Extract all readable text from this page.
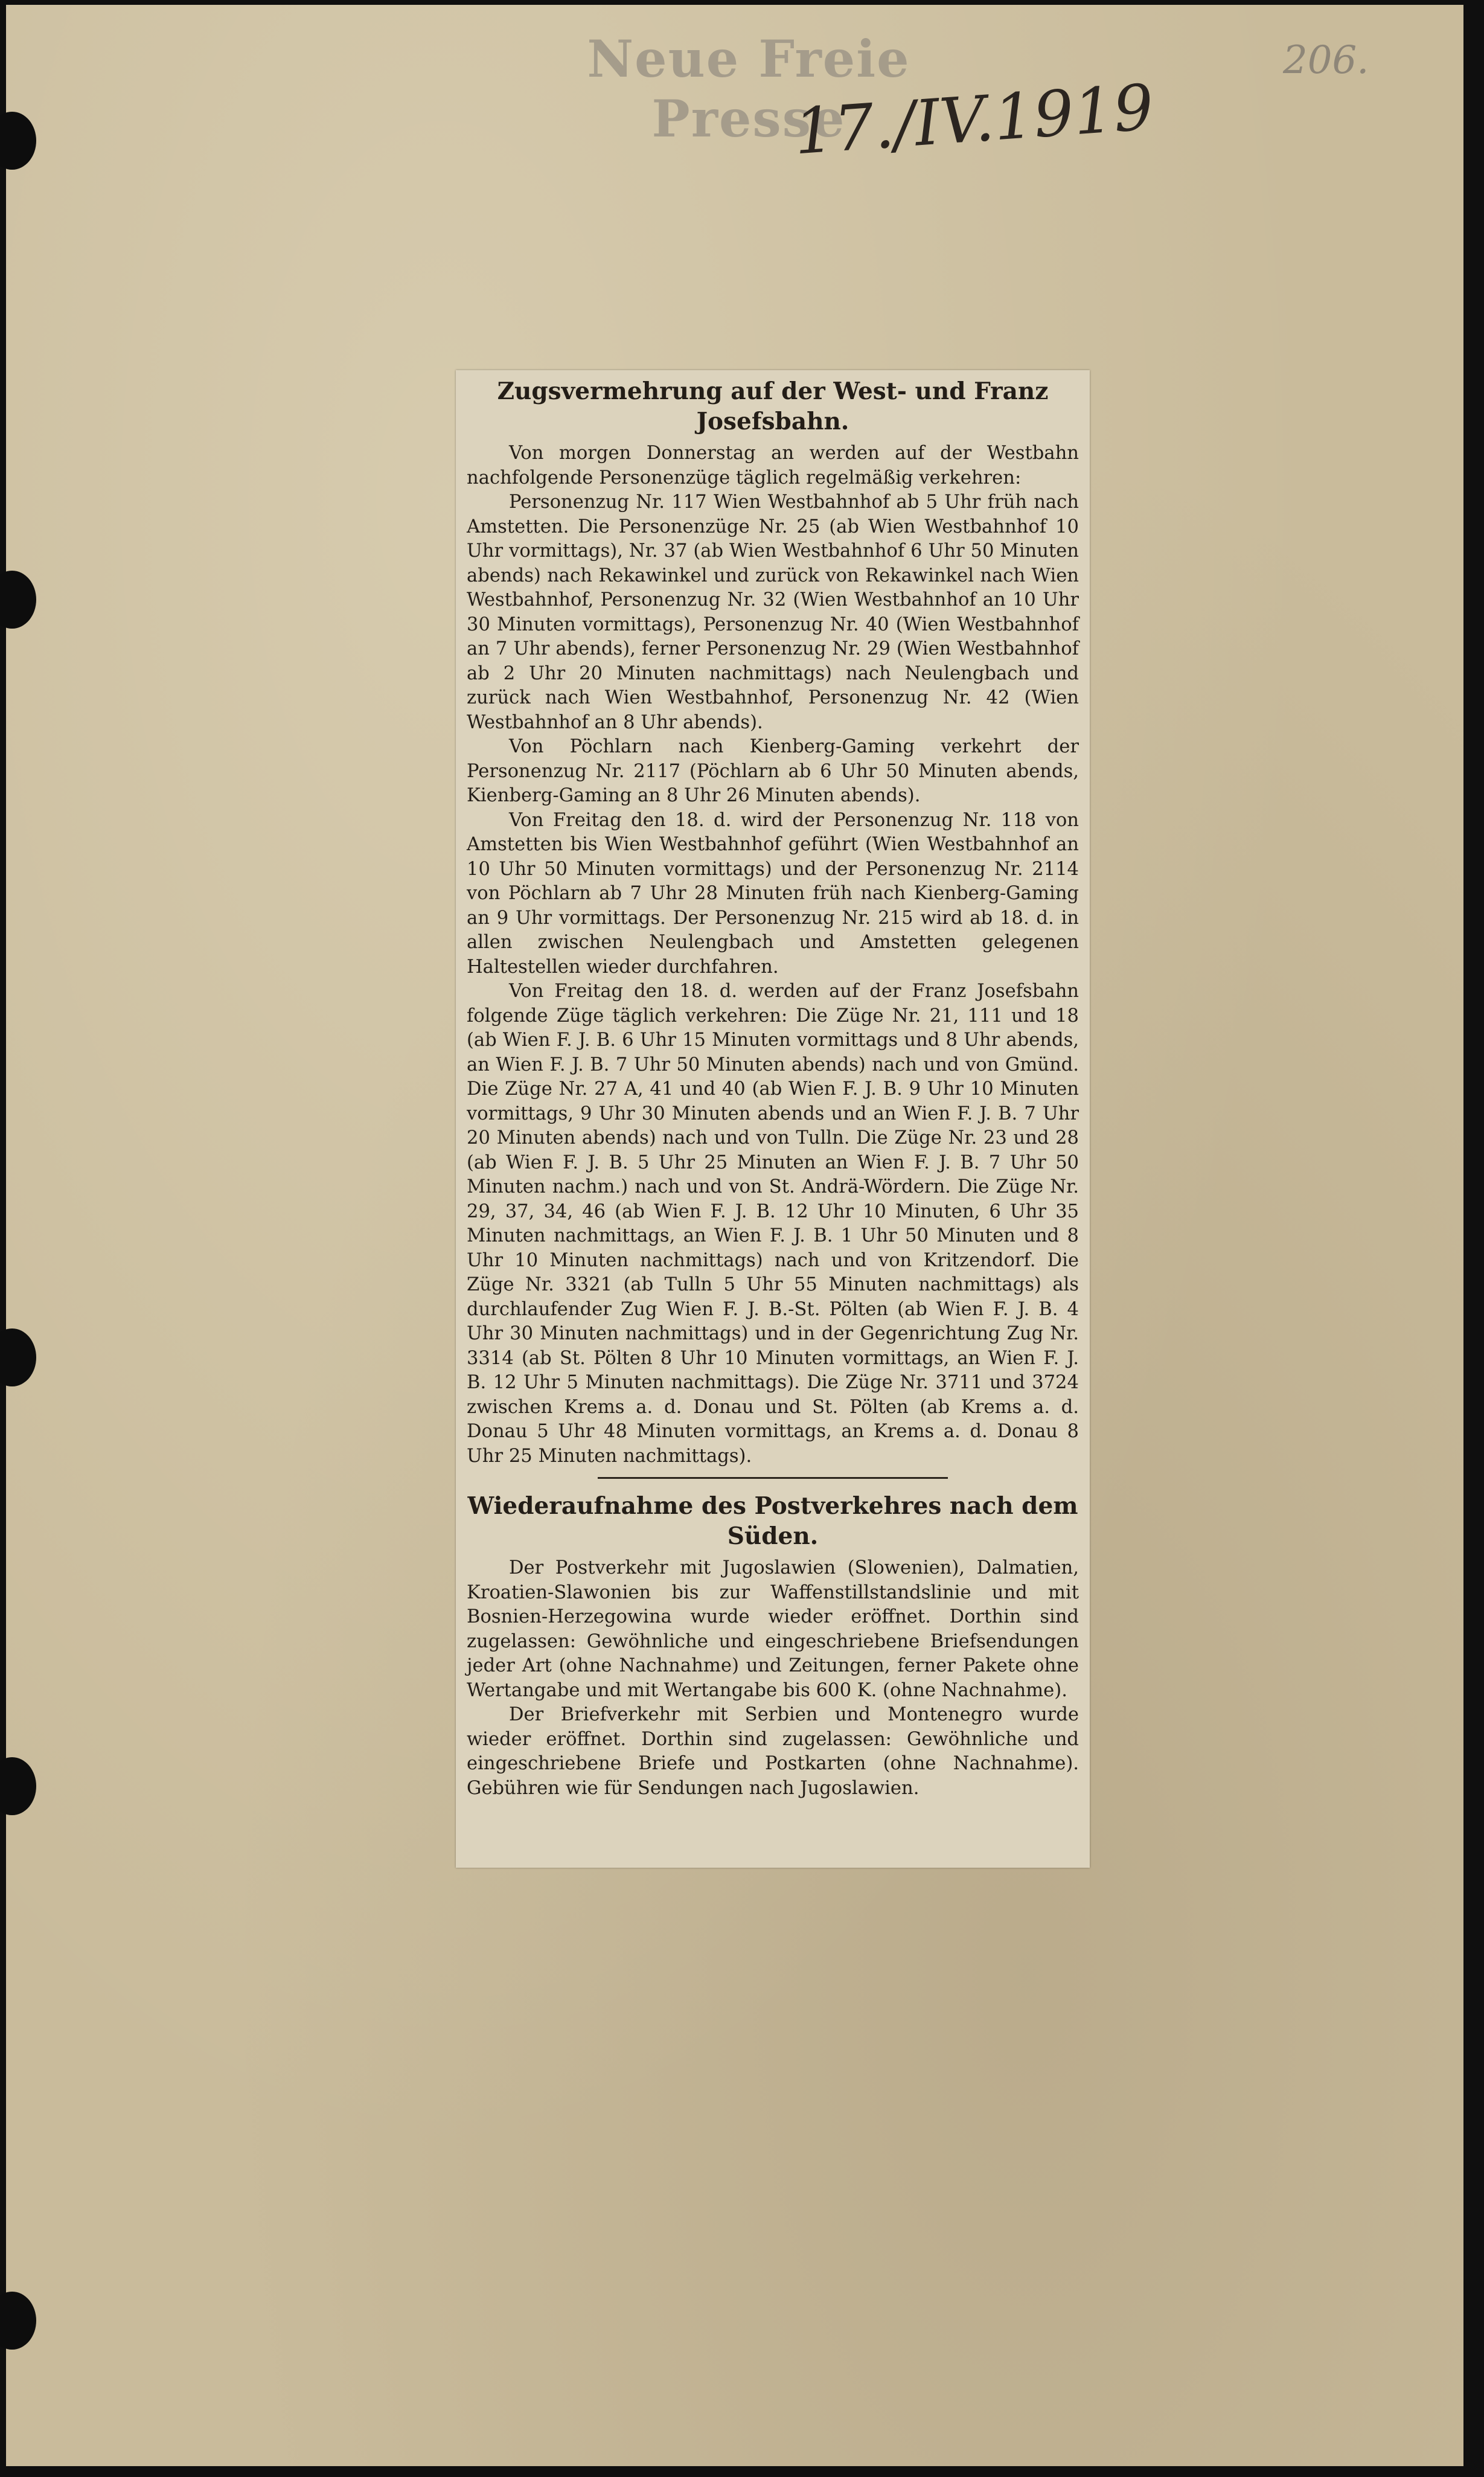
Neue Freie Presse
17./IV.1919
206.
Zugsvermehrung auf der West- und Franz Josefsbahn.

Von morgen Donnerstag an werden auf der Westbahn nachfolgende Personenzüge täglich regelmäßig verkehren:

Personenzug Nr. 117 Wien Westbahnhof ab 5 Uhr früh nach Amstetten. Die Personenzüge Nr. 25 (ab Wien Westbahnhof 10 Uhr vormittags), Nr. 37 (ab Wien Westbahnhof 6 Uhr 50 Minuten abends) nach Rekawinkel und zurück von Rekawinkel nach Wien Westbahnhof, Personenzug Nr. 32 (Wien Westbahnhof an 10 Uhr 30 Minuten vormittags), Personenzug Nr. 40 (Wien Westbahnhof an 7 Uhr abends), ferner Personenzug Nr. 29 (Wien Westbahnhof ab 2 Uhr 20 Minuten nachmittags) nach Neulengbach und zurück nach Wien Westbahnhof, Personenzug Nr. 42 (Wien Westbahnhof an 8 Uhr abends).

Von Pöchlarn nach Kienberg-Gaming verkehrt der Personenzug Nr. 2117 (Pöchlarn ab 6 Uhr 50 Minuten abends, Kienberg-Gaming an 8 Uhr 26 Minuten abends).

Von Freitag den 18. d. wird der Personenzug Nr. 118 von Amstetten bis Wien Westbahnhof geführt (Wien Westbahnhof an 10 Uhr 50 Minuten vormittags) und der Personenzug Nr. 2114 von Pöchlarn ab 7 Uhr 28 Minuten früh nach Kienberg-Gaming an 9 Uhr vormittags. Der Personenzug Nr. 215 wird ab 18. d. in allen zwischen Neulengbach und Amstetten gelegenen Haltestellen wieder durchfahren.

Von Freitag den 18. d. werden auf der Franz Josefsbahn folgende Züge täglich verkehren: Die Züge Nr. 21, 111 und 18 (ab Wien F. J. B. 6 Uhr 15 Minuten vormittags und 8 Uhr abends, an Wien F. J. B. 7 Uhr 50 Minuten abends) nach und von Gmünd. Die Züge Nr. 27 A, 41 und 40 (ab Wien F. J. B. 9 Uhr 10 Minuten vormittags, 9 Uhr 30 Minuten abends und an Wien F. J. B. 7 Uhr 20 Minuten abends) nach und von Tulln. Die Züge Nr. 23 und 28 (ab Wien F. J. B. 5 Uhr 25 Minuten an Wien F. J. B. 7 Uhr 50 Minuten nachm.) nach und von St. Andrä-Wördern. Die Züge Nr. 29, 37, 34, 46 (ab Wien F. J. B. 12 Uhr 10 Minuten, 6 Uhr 35 Minuten nachmittags, an Wien F. J. B. 1 Uhr 50 Minuten und 8 Uhr 10 Minuten nachmittags) nach und von Kritzendorf. Die Züge Nr. 3321 (ab Tulln 5 Uhr 55 Minuten nachmittags) als durchlaufender Zug Wien F. J. B.-St. Pölten (ab Wien F. J. B. 4 Uhr 30 Minuten nachmittags) und in der Gegenrichtung Zug Nr. 3314 (ab St. Pölten 8 Uhr 10 Minuten vormittags, an Wien F. J. B. 12 Uhr 5 Minuten nachmittags). Die Züge Nr. 3711 und 3724 zwischen Krems a. d. Donau und St. Pölten (ab Krems a. d. Donau 5 Uhr 48 Minuten vormittags, an Krems a. d. Donau 8 Uhr 25 Minuten nachmittags).

Wiederaufnahme des Postverkehres nach dem Süden.

Der Postverkehr mit Jugoslawien (Slowenien), Dalmatien, Kroatien-Slawonien bis zur Waffenstillstandslinie und mit Bosnien-Herzegowina wurde wieder eröffnet. Dorthin sind zugelassen: Gewöhnliche und eingeschriebene Briefsendungen jeder Art (ohne Nachnahme) und Zeitungen, ferner Pakete ohne Wertangabe und mit Wertangabe bis 600 K. (ohne Nachnahme).

Der Briefverkehr mit Serbien und Montenegro wurde wieder eröffnet. Dorthin sind zugelassen: Gewöhnliche und eingeschriebene Briefe und Postkarten (ohne Nachnahme). Gebühren wie für Sendungen nach Jugoslawien.
